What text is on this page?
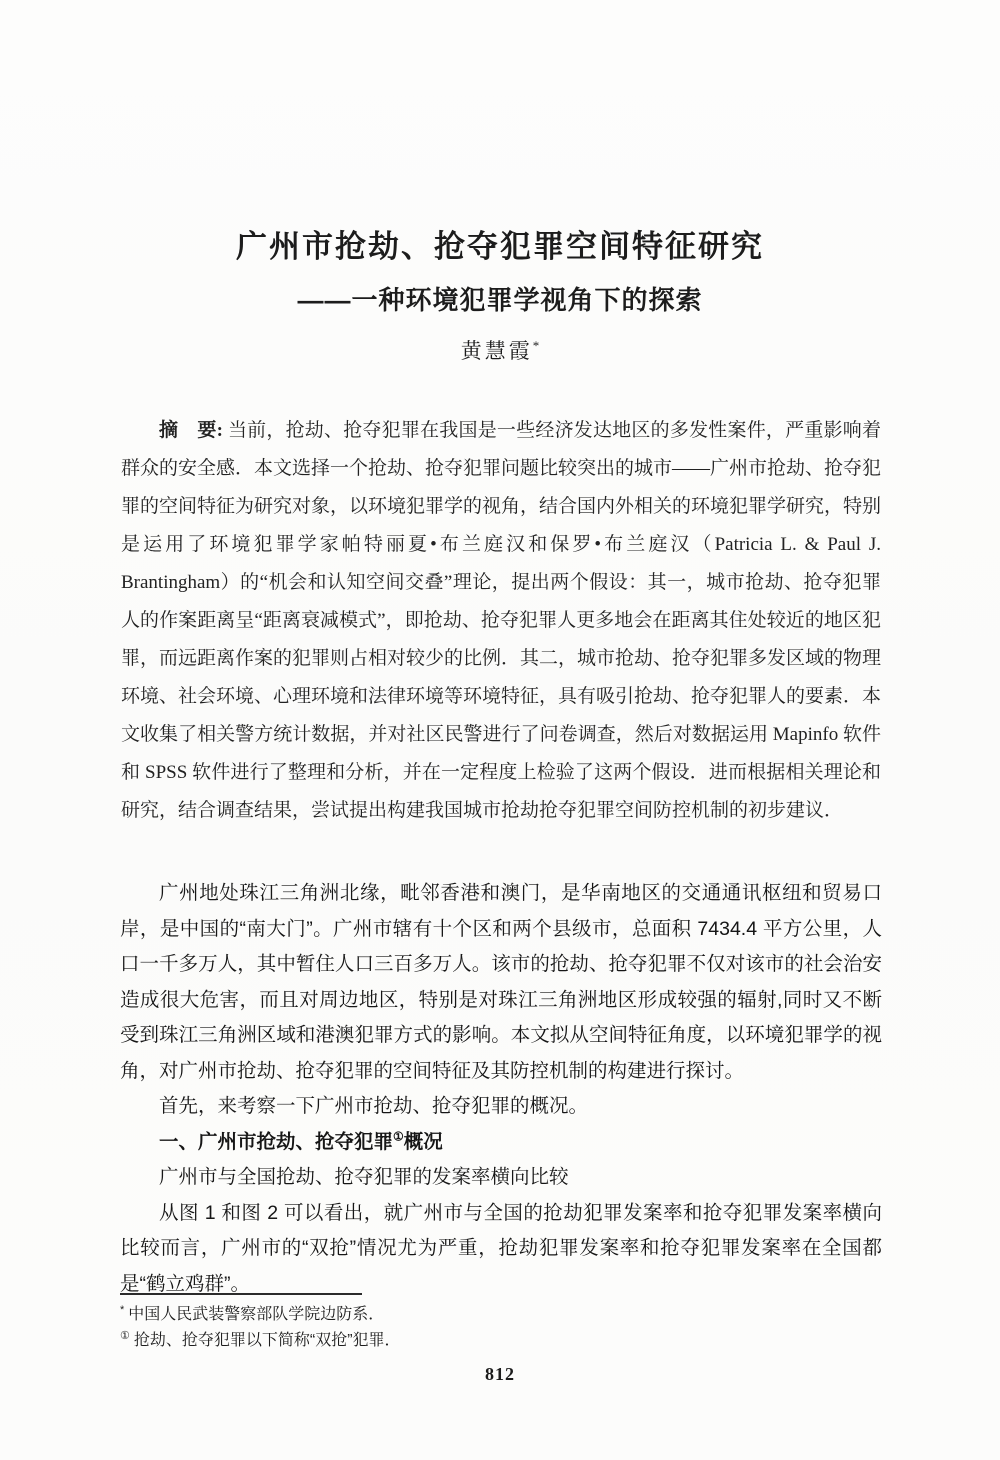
广州市抢劫、抢夺犯罪空间特征研究
——一种环境犯罪学视角下的探索
黄慧霞*
摘　要: 当前，抢劫、抢夺犯罪在我国是一些经济发达地区的多发性案件，严重影响着群众的安全感．本文选择一个抢劫、抢夺犯罪问题比较突出的城市——广州市抢劫、抢夺犯罪的空间特征为研究对象，以环境犯罪学的视角，结合国内外相关的环境犯罪学研究，特别是运用了环境犯罪学家帕特丽夏•布兰庭汉和保罗•布兰庭汉（Patricia L. & Paul J. Brantingham）的“机会和认知空间交叠”理论，提出两个假设：其一，城市抢劫、抢夺犯罪人的作案距离呈“距离衰减模式”，即抢劫、抢夺犯罪人更多地会在距离其住处较近的地区犯罪，而远距离作案的犯罪则占相对较少的比例．其二，城市抢劫、抢夺犯罪多发区域的物理环境、社会环境、心理环境和法律环境等环境特征，具有吸引抢劫、抢夺犯罪人的要素．本文收集了相关警方统计数据，并对社区民警进行了问卷调查，然后对数据运用 Mapinfo 软件和 SPSS 软件进行了整理和分析，并在一定程度上检验了这两个假设．进而根据相关理论和研究，结合调查结果，尝试提出构建我国城市抢劫抢夺犯罪空间防控机制的初步建议．

广州地处珠江三角洲北缘，毗邻香港和澳门，是华南地区的交通通讯枢纽和贸易口岸，是中国的“南大门”。广州市辖有十个区和两个县级市，总面积 7434.4 平方公里，人口一千多万人，其中暂住人口三百多万人。该市的抢劫、抢夺犯罪不仅对该市的社会治安造成很大危害，而且对周边地区，特别是对珠江三角洲地区形成较强的辐射,同时又不断受到珠江三角洲区域和港澳犯罪方式的影响。本文拟从空间特征角度，以环境犯罪学的视角，对广州市抢劫、抢夺犯罪的空间特征及其防控机制的构建进行探讨。

首先，来考察一下广州市抢劫、抢夺犯罪的概况。

一、广州市抢劫、抢夺犯罪①概况

广州市与全国抢劫、抢夺犯罪的发案率横向比较

从图 1 和图 2 可以看出，就广州市与全国的抢劫犯罪发案率和抢夺犯罪发案率横向比较而言，广州市的“双抢”情况尤为严重，抢劫犯罪发案率和抢夺犯罪发案率在全国都是“鹤立鸡群”。

* 中国人民武装警察部队学院边防系．
① 抢劫、抢夺犯罪以下简称“双抢”犯罪．
812
